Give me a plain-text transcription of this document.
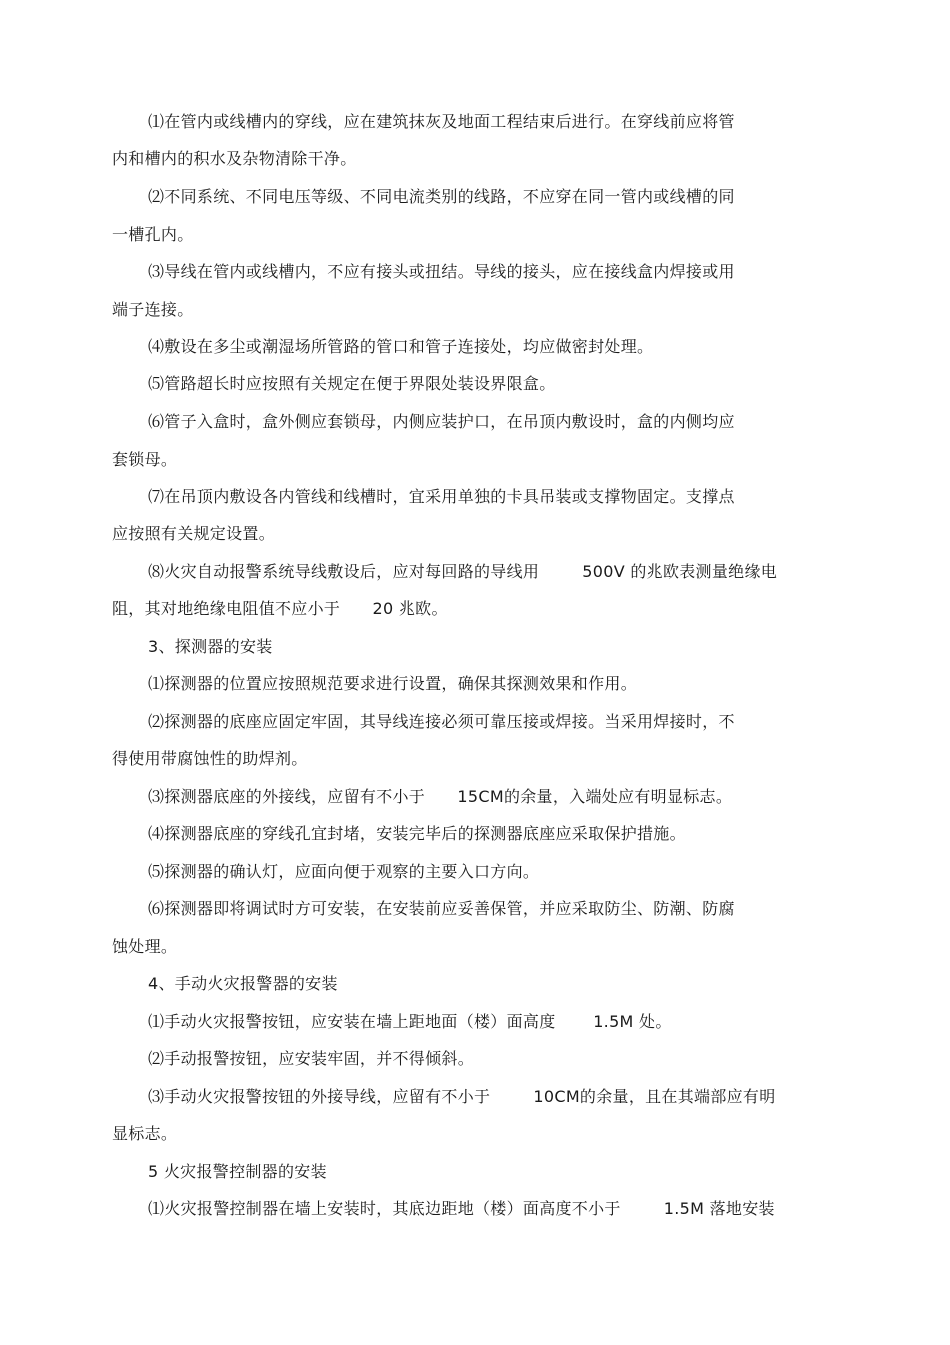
⑴在管内或线槽内的穿线，应在建筑抹灰及地面工程结束后进行。在穿线前应将管
内和槽内的积水及杂物清除干净。
⑵不同系统、不同电压等级、不同电流类别的线路，不应穿在同一管内或线槽的同
一槽孔内。
⑶导线在管内或线槽内，不应有接头或扭结。导线的接头，应在接线盒内焊接或用
端子连接。
⑷敷设在多尘或潮湿场所管路的管口和管子连接处，均应做密封处理。
⑸管路超长时应按照有关规定在便于界限处装设界限盒。
⑹管子入盒时，盒外侧应套锁母，内侧应装护口，在吊顶内敷设时，盒的内侧均应
套锁母。
⑺在吊顶内敷设各内管线和线槽时，宜采用单独的卡具吊装或支撑物固定。支撑点
应按照有关规定设置。
⑻火灾自动报警系统导线敷设后，应对每回路的导线用        500V 的兆欧表测量绝缘电
阻，其对地绝缘电阻值不应小于      20 兆欧。
3、探测器的安装
⑴探测器的位置应按照规范要求进行设置，确保其探测效果和作用。
⑵探测器的底座应固定牢固，其导线连接必须可靠压接或焊接。当采用焊接时，不
得使用带腐蚀性的助焊剂。
⑶探测器底座的外接线，应留有不小于      15CM的余量，入端处应有明显标志。
⑷探测器底座的穿线孔宜封堵，安装完毕后的探测器底座应采取保护措施。
⑸探测器的确认灯，应面向便于观察的主要入口方向。
⑹探测器即将调试时方可安装，在安装前应妥善保管，并应采取防尘、防潮、防腐
蚀处理。
4、手动火灾报警器的安装
⑴手动火灾报警按钮，应安装在墙上距地面（楼）面高度       1.5M 处。
⑵手动报警按钮，应安装牢固，并不得倾斜。
⑶手动火灾报警按钮的外接导线，应留有不小于        10CM的余量，且在其端部应有明
显标志。
5 火灾报警控制器的安装
⑴火灾报警控制器在墙上安装时，其底边距地（楼）面高度不小于        1.5M 落地安装
